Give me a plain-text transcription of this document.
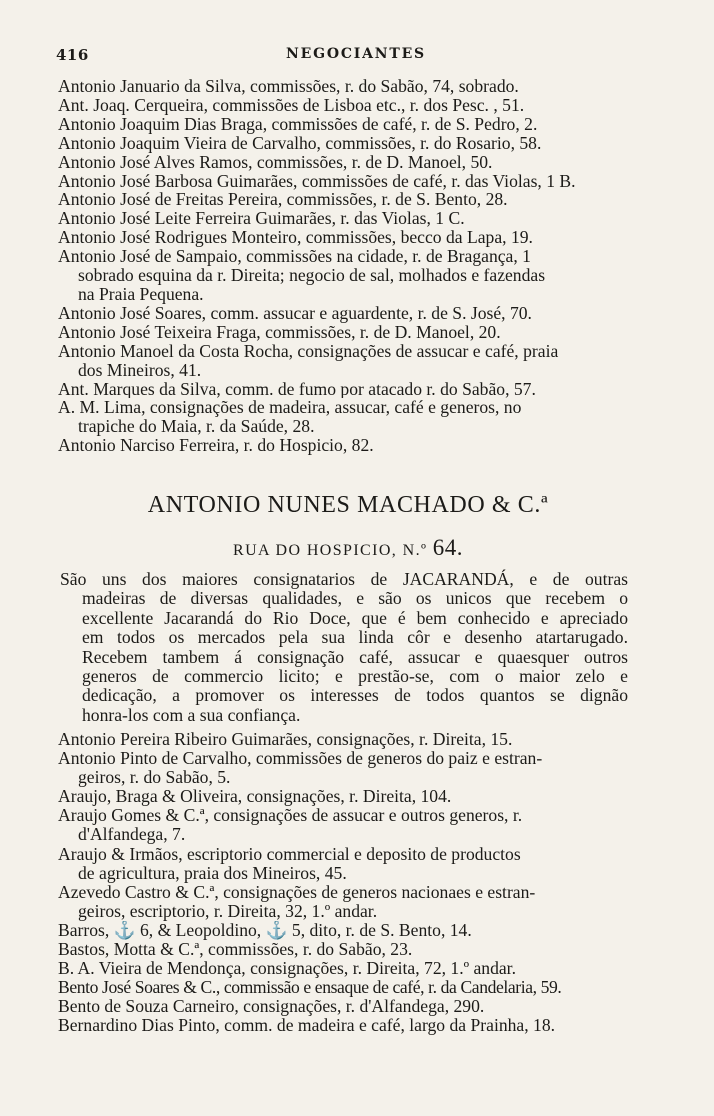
416	NEGOCIANTES
Antonio Januario da Silva, commissões, r. do Sabão, 74, sobrado.
Ant. Joaq. Cerqueira, commissões de Lisboa etc., r. dos Pesc. , 51.
Antonio Joaquim Dias Braga, commissões de café, r. de S. Pedro, 2.
Antonio Joaquim Vieira de Carvalho, commissões, r. do Rosario, 58.
Antonio José Alves Ramos, commissões, r. de D. Manoel, 50.
Antonio José Barbosa Guimarães, commissões de café, r. das Violas, 1 B.
Antonio José de Freitas Pereira, commissões, r. de S. Bento, 28.
Antonio José Leite Ferreira Guimarães, r. das Violas, 1 C.
Antonio José Rodrigues Monteiro, commissões, becco da Lapa, 19.
Antonio José de Sampaio, commissões na cidade, r. de Bragança, 1
sobrado esquina da r. Direita; negocio de sal, molhados e fazendas
na Praia Pequena.
Antonio José Soares, comm. assucar e aguardente, r. de S. José, 70.
Antonio José Teixeira Fraga, commissões, r. de D. Manoel, 20.
Antonio Manoel da Costa Rocha, consignações de assucar e café, praia
dos Mineiros, 41.
Ant. Marques da Silva, comm. de fumo por atacado r. do Sabão, 57.
A. M. Lima, consignações de madeira, assucar, café e generos, no
trapiche do Maia, r. da Saúde, 28.
Antonio Narciso Ferreira, r. do Hospicio, 82.
ANTONIO NUNES MACHADO & C.ª
RUA DO HOSPICIO, N.º 64.
São uns dos maiores consignatarios de JACARANDÁ, e de outras
madeiras de diversas qualidades, e são os unicos que recebem o
excellente Jacarandá do Rio Doce, que é bem conhecido e apreciado
em todos os mercados pela sua linda côr e desenho atartarugado.
Recebem tambem á consignação café, assucar e quaesquer outros
generos de commercio licito; e prestão-se, com o maior zelo e
dedicação, a promover os interesses de todos quantos se dignão
honra-los com a sua confiança.
Antonio Pereira Ribeiro Guimarães, consignações, r. Direita, 15.
Antonio Pinto de Carvalho, commissões de generos do paiz e estran-
geiros, r. do Sabão, 5.
Araujo, Braga & Oliveira, consignações, r. Direita, 104.
Araujo Gomes & C.ª, consignações de assucar e outros generos, r.
d'Alfandega, 7.
Araujo & Irmãos, escriptorio commercial e deposito de productos
de agricultura, praia dos Mineiros, 45.
Azevedo Castro & C.ª, consignações de generos nacionaes e estran-
geiros, escriptorio, r. Direita, 32, 1.º andar.
Barros, ⚓ 6, & Leopoldino, ⚓ 5, dito, r. de S. Bento, 14.
Bastos, Motta & C.ª, commissões, r. do Sabão, 23.
B. A. Vieira de Mendonça, consignações, r. Direita, 72, 1.º andar.
Bento José Soares & C., commissão e ensaque de café, r. da Candelaria, 59.
Bento de Souza Carneiro, consignações, r. d'Alfandega, 290.
Bernardino Dias Pinto, comm. de madeira e café, largo da Prainha, 18.
